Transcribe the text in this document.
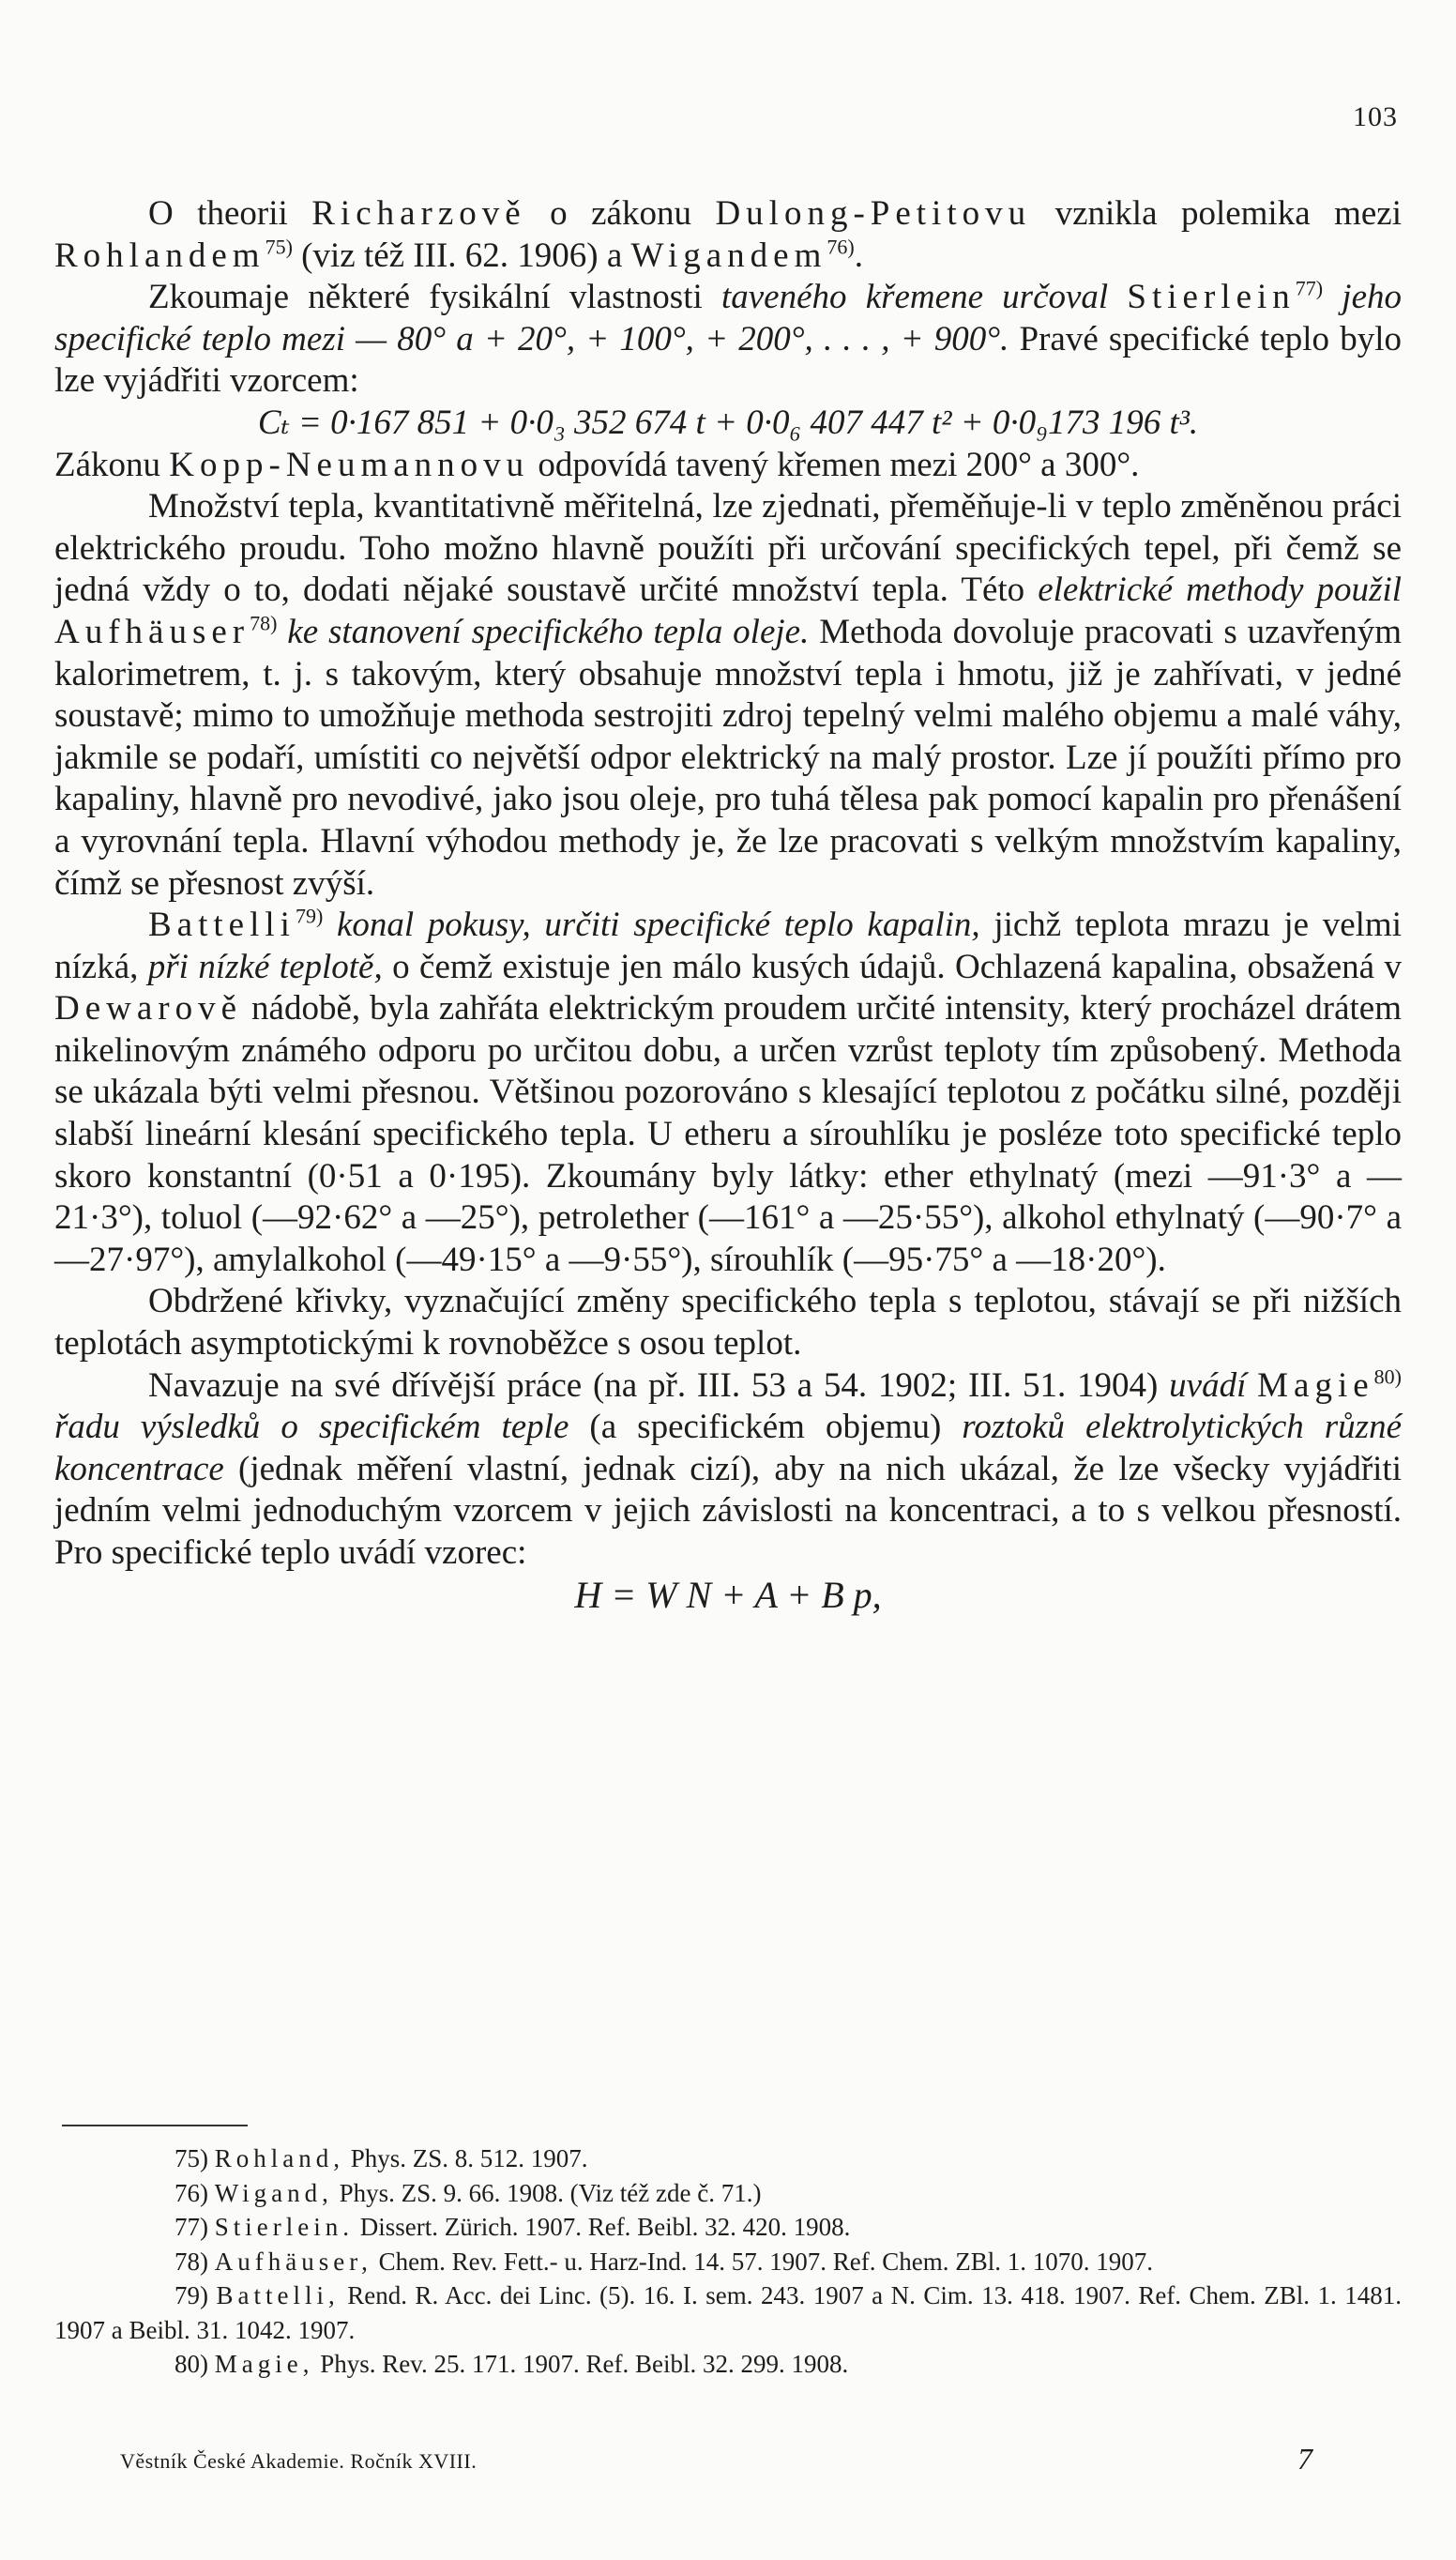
103

O theorii Richarzově o zákonu Dulong-Petitovu vznikla polemika mezi Rohlandem$^{75)}$ (viz též III. 62. 1906) a Wigandem$^{76)}$.

Zkoumaje některé fysikální vlastnosti taveného křemene určoval Stierlein$^{77)}$ jeho specifické teplo mezi — 80° a + 20°, + 100°, + 200°, . . . , + 900°. Pravé specifické teplo bylo lze vyjádřiti vzorcem:

Cₜ = 0·167 851 + 0·0₃ 352 674 t + 0·0₆ 407 447 t² + 0·0₉173 196 t³.

Zákonu Kopp-Neumannovu odpovídá tavený křemen mezi 200° a 300°.

Množství tepla, kvantitativně měřitelná, lze zjednati, přeměňuje-li v teplo změněnou práci elektrického proudu. Toho možno hlavně použíti při určování specifických tepel, při čemž se jedná vždy o to, dodati nějaké soustavě určité množství tepla. Této elektrické methody použil Aufhäuser$^{78)}$ ke stanovení specifického tepla oleje. Methoda dovoluje pracovati s uzavřeným kalorimetrem, t. j. s takovým, který obsahuje množství tepla i hmotu, již je zahřívati, v jedné soustavě; mimo to umožňuje methoda sestrojiti zdroj tepelný velmi malého objemu a malé váhy, jakmile se podaří, umístiti co největší odpor elektrický na malý prostor. Lze jí použíti přímo pro kapaliny, hlavně pro nevodivé, jako jsou oleje, pro tuhá tělesa pak pomocí kapalin pro přenášení a vyrovnání tepla. Hlavní výhodou methody je, že lze pracovati s velkým množstvím kapaliny, čímž se přesnost zvýší.

Battelli$^{79)}$ konal pokusy, určiti specifické teplo kapalin, jichž teplota mrazu je velmi nízká, při nízké teplotě, o čemž existuje jen málo kusých údajů. Ochlazená kapalina, obsažená v Dewarově nádobě, byla zahřáta elektrickým proudem určité intensity, který procházel drátem nikelinovým známého odporu po určitou dobu, a určen vzrůst teploty tím způsobený. Methoda se ukázala býti velmi přesnou. Většinou pozorováno s klesající teplotou z počátku silné, později slabší lineární klesání specifického tepla. U etheru a sírouhlíku je posléze toto specifické teplo skoro konstantní (0·51 a 0·195). Zkoumány byly látky: ether ethylnatý (mezi —91·3° a —21·3°), toluol (—92·62° a —25°), petrolether (—161° a —25·55°), alkohol ethylnatý (—90·7° a —27·97°), amylalkohol (—49·15° a —9·55°), sírouhlík (—95·75° a —18·20°).

Obdržené křivky, vyznačující změny specifického tepla s teplotou, stávají se při nižších teplotách asymptotickými k rovnoběžce s osou teplot.

Navazuje na své dřívější práce (na př. III. 53 a 54. 1902; III. 51. 1904) uvádí Magie$^{80)}$ řadu výsledků o specifickém teple (a specifickém objemu) roztoků elektrolytických různé koncentrace (jednak měření vlastní, jednak cizí), aby na nich ukázal, že lze všecky vyjádřiti jedním velmi jednoduchým vzorcem v jejich závislosti na koncentraci, a to s velkou přesností. Pro specifické teplo uvádí vzorec:

H = W N + A + B p,

75) Rohland, Phys. ZS. 8. 512. 1907.

76) Wigand, Phys. ZS. 9. 66. 1908. (Viz též zde č. 71.)

77) Stierlein. Dissert. Zürich. 1907. Ref. Beibl. 32. 420. 1908.

78) Aufhäuser, Chem. Rev. Fett.- u. Harz-Ind. 14. 57. 1907. Ref. Chem. ZBl. 1. 1070. 1907.

79) Battelli, Rend. R. Acc. dei Linc. (5). 16. I. sem. 243. 1907 a N. Cim. 13. 418. 1907. Ref. Chem. ZBl. 1. 1481. 1907 a Beibl. 31. 1042. 1907.

80) Magie, Phys. Rev. 25. 171. 1907. Ref. Beibl. 32. 299. 1908.

Věstník České Akademie. Ročník XVIII.	7
